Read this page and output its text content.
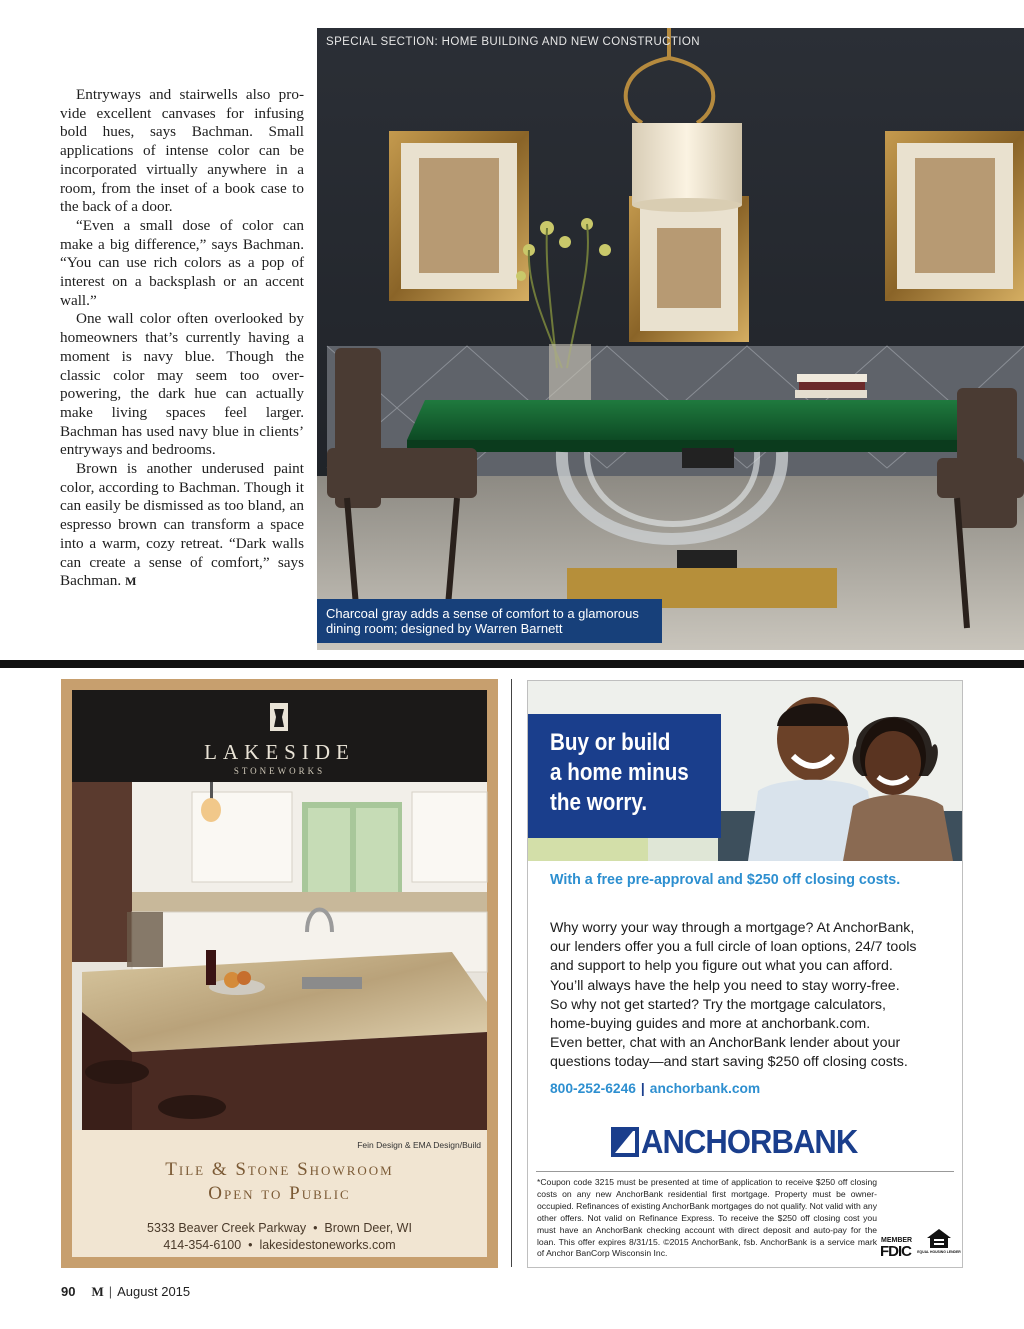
Entryways and stairwells also provide excellent canvases for infusing bold hues, says Bachman. Small applications of intense color can be incorporated virtually anywhere in a room, from the inset of a book case to the back of a door.

“Even a small dose of color can make a big difference,” says Bachman. “You can use rich colors as a pop of interest on a backsplash or an accent wall.”

One wall color often overlooked by homeowners that’s currently having a moment is navy blue. Though the classic color may seem too overpowering, the dark hue can actually make living spaces feel larger. Bachman has used navy blue in clients’ entryways and bedrooms.

Brown is another underused paint color, according to Bachman. Though it can easily be dismissed as too bland, an espresso brown can transform a space into a warm, cozy retreat. “Dark walls can create a sense of comfort,” says Bachman. M

SPECIAL SECTION: HOME BUILDING AND NEW CONSTRUCTION
Charcoal gray adds a sense of comfort to a glamorous
dining room; designed by Warren Barnett
LAKESIDE
STONEWORKS
Fein Design & EMA Design/Build
Tile & Stone Showroom
Open to Public
5333 Beaver Creek Parkway  •  Brown Deer, WI
414-354-6100  •  lakesidestoneworks.com
Buy or build
a home minus
the worry.
With a free pre-approval and $250 off closing costs.
Why worry your way through a mortgage? At AnchorBank,
our lenders offer you a full circle of loan options, 24/7 tools
and support to help you figure out what you can afford.
You’ll always have the help you need to stay worry-free.
So why not get started? Try the mortgage calculators,
home-buying guides and more at anchorbank.com.
Even better, chat with an AnchorBank lender about your
questions today—and start saving $250 off closing costs.
800-252-6246 | anchorbank.com
ANCHORBANK
*Coupon code 3215 must be presented at time of application to receive $250 off closing costs on any new AnchorBank residential first mortgage. Property must be owner-occupied. Refinances of existing AnchorBank mortgages do not qualify. Not valid with any other offers. Not valid on Refinance Express. To receive the $250 off closing cost you must have an AnchorBank checking account with direct deposit and auto-pay for the loan. This offer expires 8/31/15. ©2015 AnchorBank, fsb. AnchorBank is a service mark of Anchor BanCorp Wisconsin Inc.
MEMBER
FDIC EQUAL HOUSING LENDER
90 M | August 2015
